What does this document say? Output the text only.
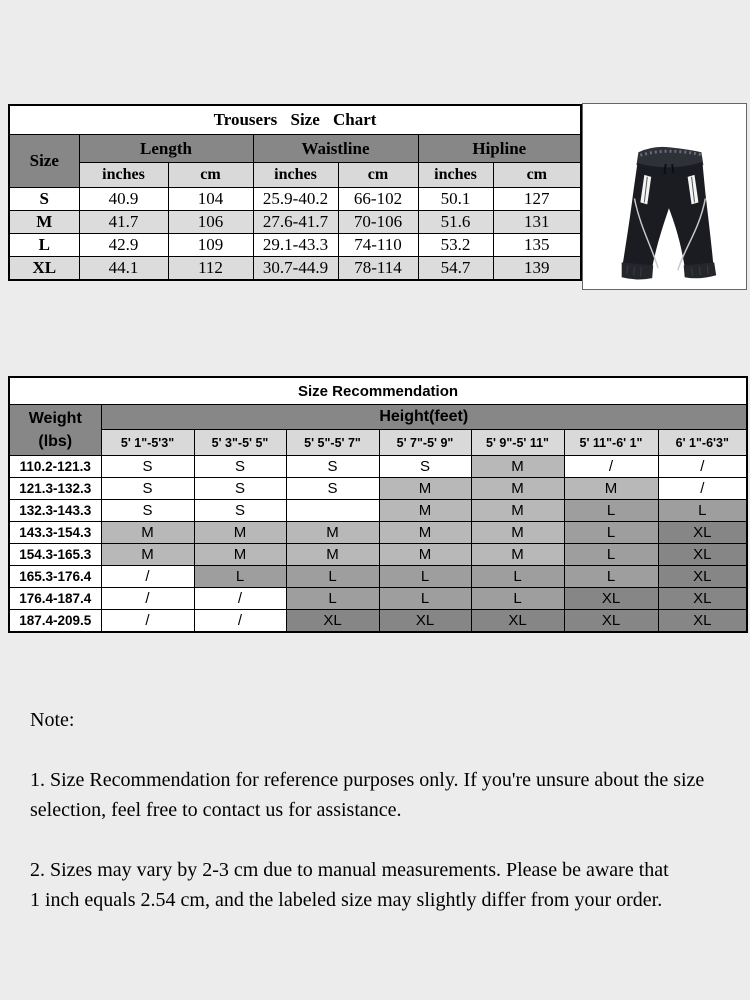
Trousers Size Chart						
Size	Length		Waistline		Hipline	
	inches	cm	inches	cm	inches	cm
S	40.9	104	25.9-40.2	66-102	50.1	127
M	41.7	106	27.6-41.7	70-106	51.6	131
L	42.9	109	29.1-43.3	74-110	53.2	135
XL	44.1	112	30.7-44.9	78-114	54.7	139
Size Recommendation							

Weight
(lbs)	Height(feet)						
	5' 1"-5'3"	5' 3"-5' 5"	5' 5"-5' 7"	5' 7"-5' 9"	5' 9"-5' 11"	5' 11"-6' 1"	6' 1"-6'3"
110.2-121.3	S	S	S	S	M	/	/
121.3-132.3	S	S	S	M	M	M	/
132.3-143.3	S	S		M	M	L	L
143.3-154.3	M	M	M	M	M	L	XL
154.3-165.3	M	M	M	M	M	L	XL
165.3-176.4	/	L	L	L	L	L	XL
176.4-187.4	/	/	L	L	L	XL	XL
187.4-209.5	/	/	XL	XL	XL	XL	XL
Note:
1. Size Recommendation for reference purposes only. If you're unsure about the size
selection, feel free to contact us for assistance.
2. Sizes may vary by 2-3 cm due to manual measurements. Please be aware that
1 inch equals 2.54 cm, and the labeled size may slightly differ from your order.
